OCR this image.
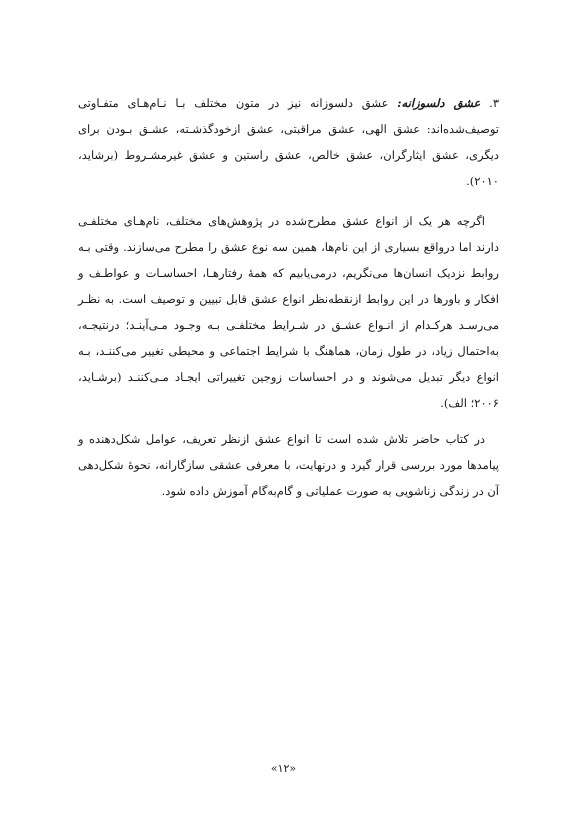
۳. عشق دلسوزانه: عشق دلسوزانه نیز در متون مختلف بـا نـام‌هـای متفـاوتی توصیف‌شده‌اند: عشق الهی، عشق مراقبتی، عشق ازخودگذشـته، عشـق بـودن برای دیگری، عشق ایثارگران، عشق خالص، عشق راستین و عشق غیرمشـروط (برشاید، ۲۰۱۰).

اگرچه هر یک از انواع عشق مطرح‌شده در پژوهش‌های مختلف، نام‌هـای مختلفـی دارند اما درواقع بسیاری از این نام‌ها، همین سه نوع عشق را مطرح می‌سازند. وقتی بـه روابط نزدیک انسان‌ها می‌نگریم، درمی‌یابیم که همهٔ رفتارهـا، احساسـات و عواطـف و افکار و باورها در این روابط ازنقطه‌نظر انواع عشق قابل تبیین و توصیف است. به نظـر می‌رسـد هرکـدام از انـواع عشـق در شـرایط مختلفـی بـه وجـود مـی‌آینـد؛ درنتیجـه، به‌احتمال زیاد، در طول زمان، هماهنگ با شرایط اجتماعی و محیطی تغییر می‌کننـد، بـه انواع دیگر تبدیل می‌شوند و در احساسات زوجین تغییراتی ایجـاد مـی‌کننـد (برشـاید، ۲۰۰۶؛ الف).

در کتاب حاضر تلاش شده است تا انواع عشق ازنظر تعریف، عوامل شکل‌دهنده و پیامدها مورد بررسی قرار گیرد و درنهایت، با معرفی عشقی سازگارانه، نحوهٔ شکل‌دهی آن در زندگی زناشویی به صورت عملیاتی و گام‌به‌گام آموزش داده شود.

«۱۲»
